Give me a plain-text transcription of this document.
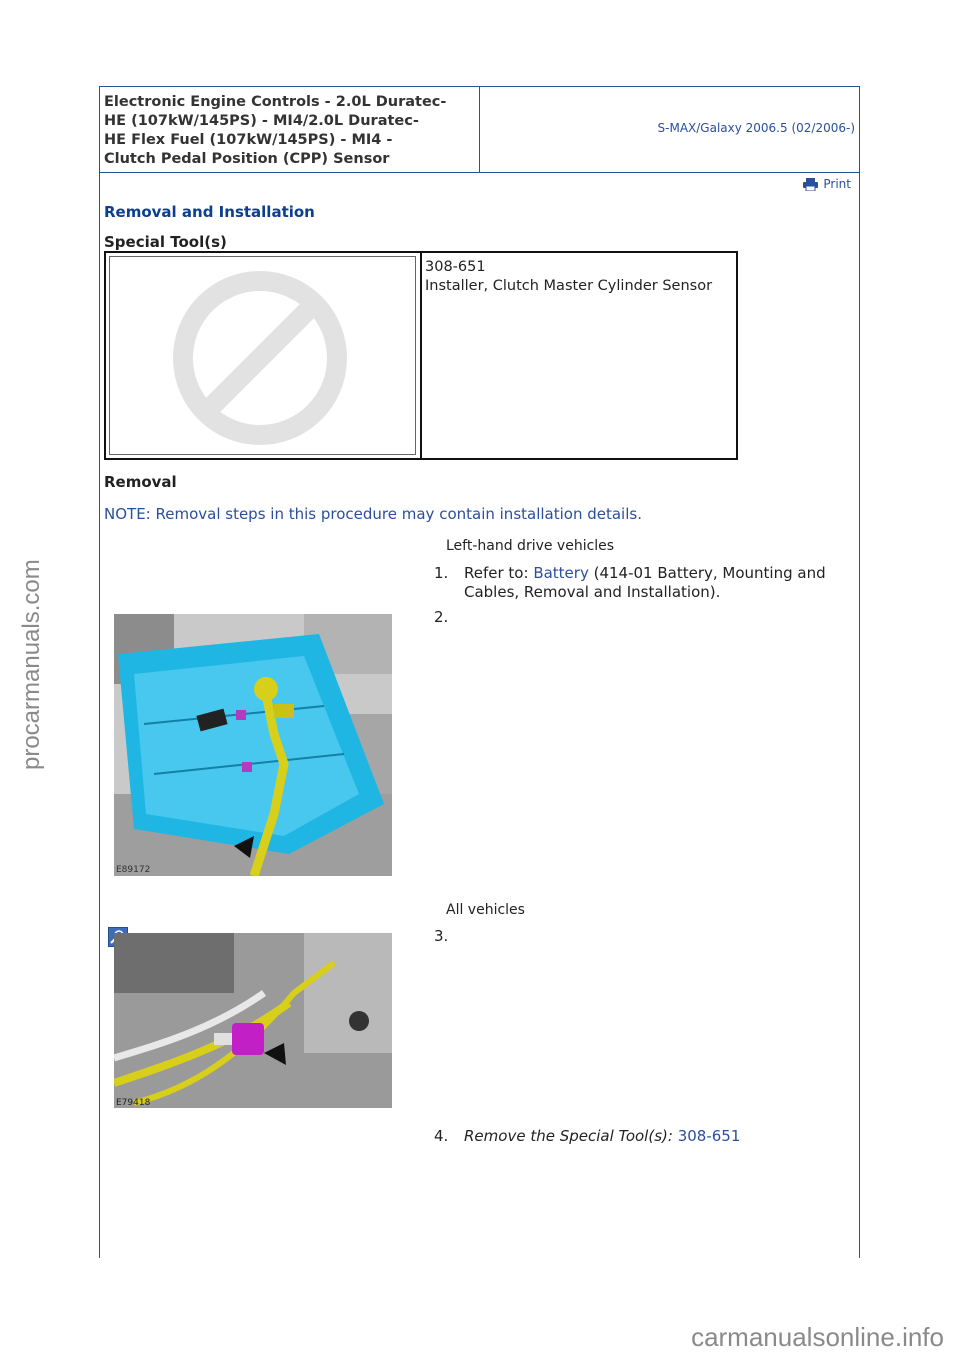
procarmanuals.com
Electronic Engine Controls - 2.0L Duratec-
HE (107kW/145PS) - MI4/2.0L Duratec-
HE Flex Fuel (107kW/145PS) - MI4 -
Clutch Pedal Position (CPP) Sensor
S-MAX/Galaxy 2006.5 (02/2006-)
Print
Removal and Installation
Special Tool(s)
308-651
Installer, Clutch Master Cylinder Sensor
Removal
NOTE: Removal steps in this procedure may contain installation details.
Left-hand drive vehicles
1. Refer to: Battery (414-01 Battery, Mounting and Cables, Removal and Installation).
2.
E89172
All vehicles
3.
E79418
4. Remove the Special Tool(s): 308-651
carmanualsonline.info
